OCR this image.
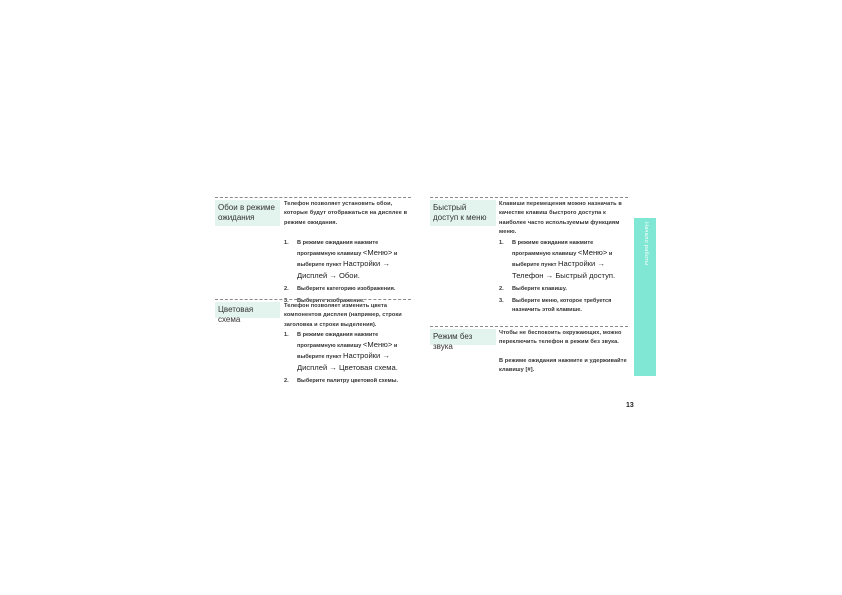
Обои в режиме ожидания
Телефон позволяет установить обои, которые будут отображаться на дисплее в режиме ожидания.
1. В режиме ожидания нажмите программную клавишу <Меню> и выберите пункт Настройки → Дисплей → Обои.
2. Выберите категорию изображения.
3. Выберите изображение.
Цветовая схема
Телефон позволяет изменить цвета компонентов дисплея (например, строки заголовка и строки выделения).
1. В режиме ожидания нажмите программную клавишу <Меню> и выберите пункт Настройки → Дисплей → Цветовая схема.
2. Выберите палитру цветовой схемы.
Быстрый доступ к меню
Клавиши перемещения можно назначать в качестве клавиш быстрого доступа к наиболее часто используемым функциям меню.
1. В режиме ожидания нажмите программную клавишу <Меню> и выберите пункт Настройки → Телефон → Быстрый доступ.
2. Выберите клавишу.
3. Выберите меню, которое требуется назначить этой клавише.
Режим без звука
Чтобы не беспокоить окружающих, можно переключить телефон в режим без звука.
В режиме ожидания нажмите и удерживайте клавишу [#].
Начало работы
13
